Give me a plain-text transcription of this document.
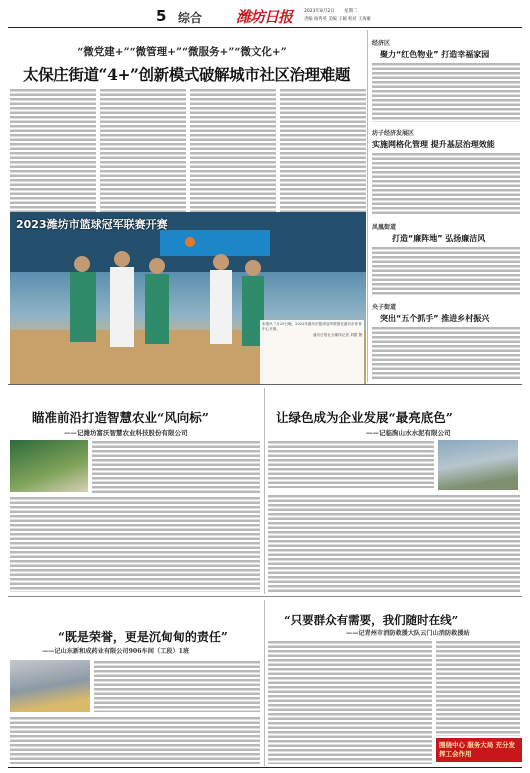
5 综合 潍坊日报	2023年8月2日 星期二
责编 杨秀英 美编 王颖 校对 王海雁
“微党建+”“微管理+”“微服务+”“微文化+”
太保庄街道“4+”创新模式破解城市社区治理难题
2023潍坊市篮球冠军联赛开赛
本报讯 7月29日晚，2023年潍坊市篮球冠军联赛在潍坊市体育中心开赛。
潍坊日报社全媒体记者 刘德 摄
经济区
聚力“红色物业” 打造幸福家园
坊子经济发展区
实施网格化管理 提升基层治理效能
凤凰街道
打造“廉阵地” 弘扬廉洁风
央子街道
突出“五个抓手” 推进乡村振兴
瞄准前沿打造智慧农业“风向标”
——记潍坊富沃智慧农业科技股份有限公司
让绿色成为企业发展“最亮底色”
——记临朐山水水泥有限公司
“既是荣誉，更是沉甸甸的责任”
——记山东新和成药业有限公司906车间（工段）1班
“只要群众有需要，我们随时在线”
——记青州市消防救援大队云门山消防救援站
围绕中心 服务大局 充分发挥工会作用
